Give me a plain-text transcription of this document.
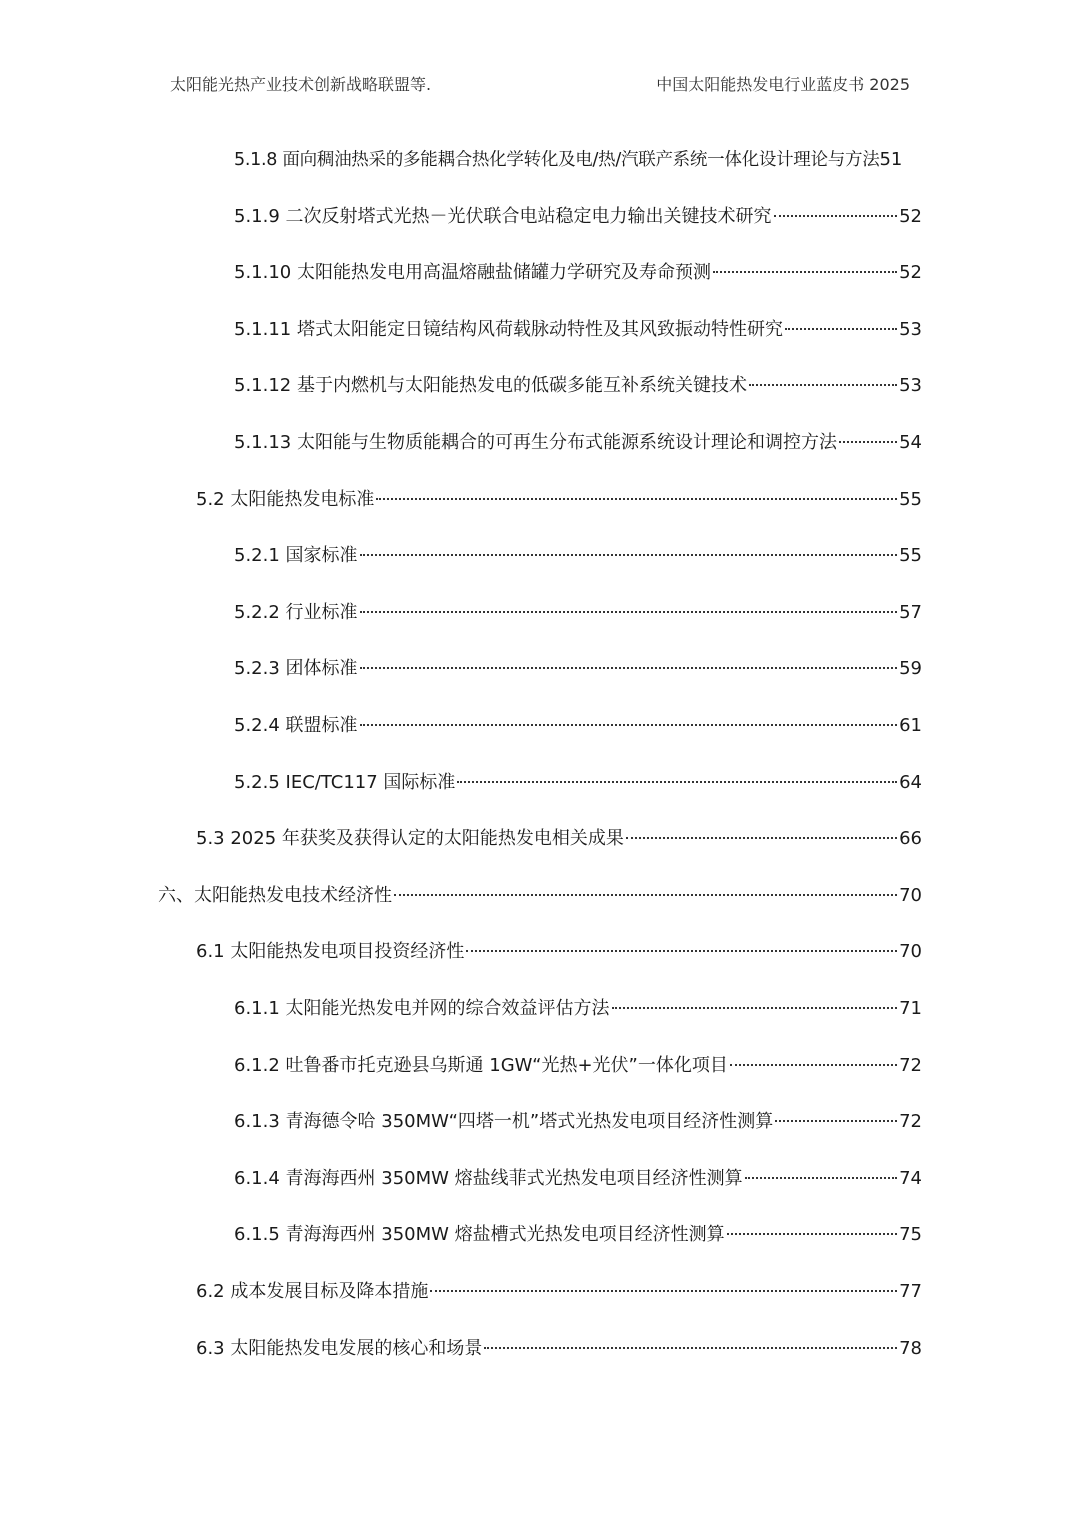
太阳能光热产业技术创新战略联盟等.	中国太阳能热发电行业蓝皮书 2025
5.1.8 面向稠油热采的多能耦合热化学转化及电/热/汽联产系统一体化设计理论与方法 51
5.1.9 二次反射塔式光热－光伏联合电站稳定电力输出关键技术研究	52
5.1.10 太阳能热发电用高温熔融盐储罐力学研究及寿命预测	52
5.1.11 塔式太阳能定日镜结构风荷载脉动特性及其风致振动特性研究	53
5.1.12 基于内燃机与太阳能热发电的低碳多能互补系统关键技术	53
5.1.13 太阳能与生物质能耦合的可再生分布式能源系统设计理论和调控方法	54
5.2 太阳能热发电标准	55
5.2.1 国家标准	55
5.2.2 行业标准	57
5.2.3 团体标准	59
5.2.4 联盟标准	61
5.2.5 IEC/TC117 国际标准	64
5.3 2025 年获奖及获得认定的太阳能热发电相关成果	66
六、太阳能热发电技术经济性	70
6.1 太阳能热发电项目投资经济性	70
6.1.1 太阳能光热发电并网的综合效益评估方法	71
6.1.2 吐鲁番市托克逊县乌斯通 1GW“光热+光伏”一体化项目	72
6.1.3 青海德令哈 350MW“四塔一机”塔式光热发电项目经济性测算	72
6.1.4 青海海西州 350MW 熔盐线菲式光热发电项目经济性测算	74
6.1.5 青海海西州 350MW 熔盐槽式光热发电项目经济性测算	75
6.2 成本发展目标及降本措施	77
6.3 太阳能热发电发展的核心和场景	78
